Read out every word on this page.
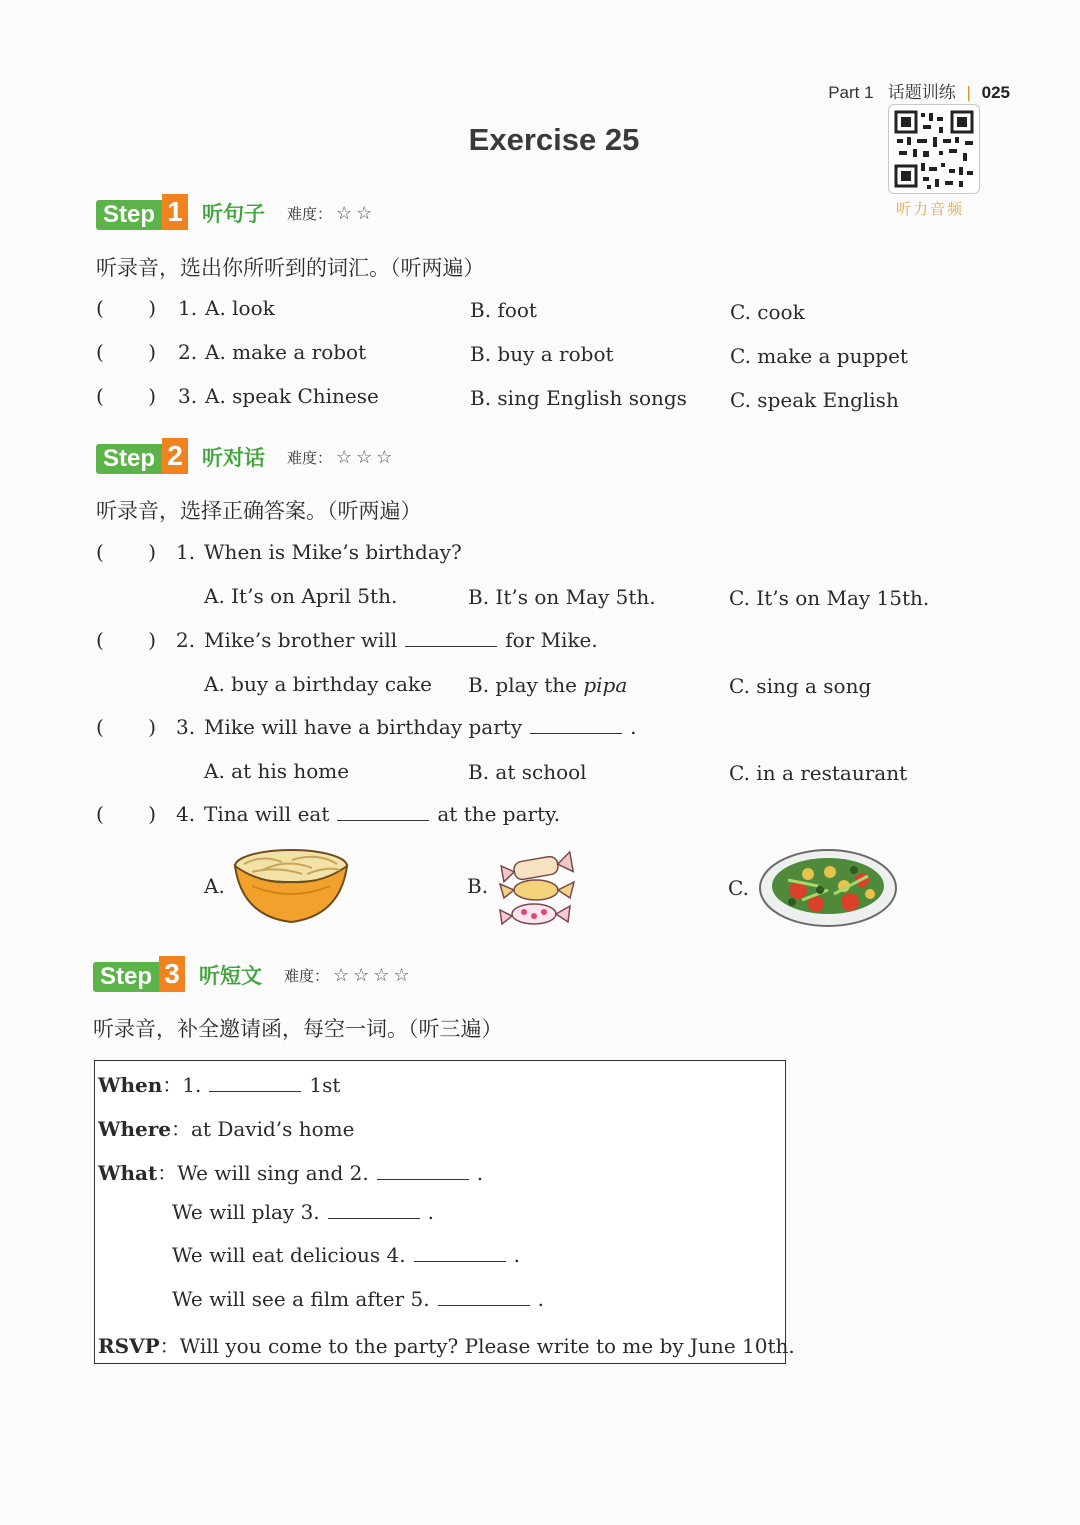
Part 1 话题训练 | 025
听力音频
Exercise 25
Step 1 听句子 难度： ☆☆
听录音，选出你所听到的词汇。（听两遍）
(       ) 1. A. look	B. foot	C. cook
(       ) 2. A. make a robot	B. buy a robot	C. make a puppet
(       ) 3. A. speak Chinese	B. sing English songs C. speak English
Step 2 听对话 难度： ☆☆☆
听录音，选择正确答案。（听两遍）
(       ) 1. When is Mike’s birthday?
A. It’s on April 5th.	B. It’s on May 5th.	C. It’s on May 15th.
(       ) 2. Mike’s brother will	for Mike.
A. buy a birthday cake B. play the pipa	C. sing a song
(       ) 3. Mike will have a birthday party	.
A. at his home	B. at school	C. in a restaurant
(       ) 4. Tina will eat	at the party.
A.	B.	C.
Step 3 听短文 难度： ☆☆☆☆
听录音，补全邀请函，每空一词。（听三遍）
When：1.	1st
Where：at David’s home
What：We will sing and 2.	.
We will play 3.	.
We will eat delicious 4.	.
We will see a film after 5.	.
RSVP：Will you come to the party? Please write to me by June 10th.
